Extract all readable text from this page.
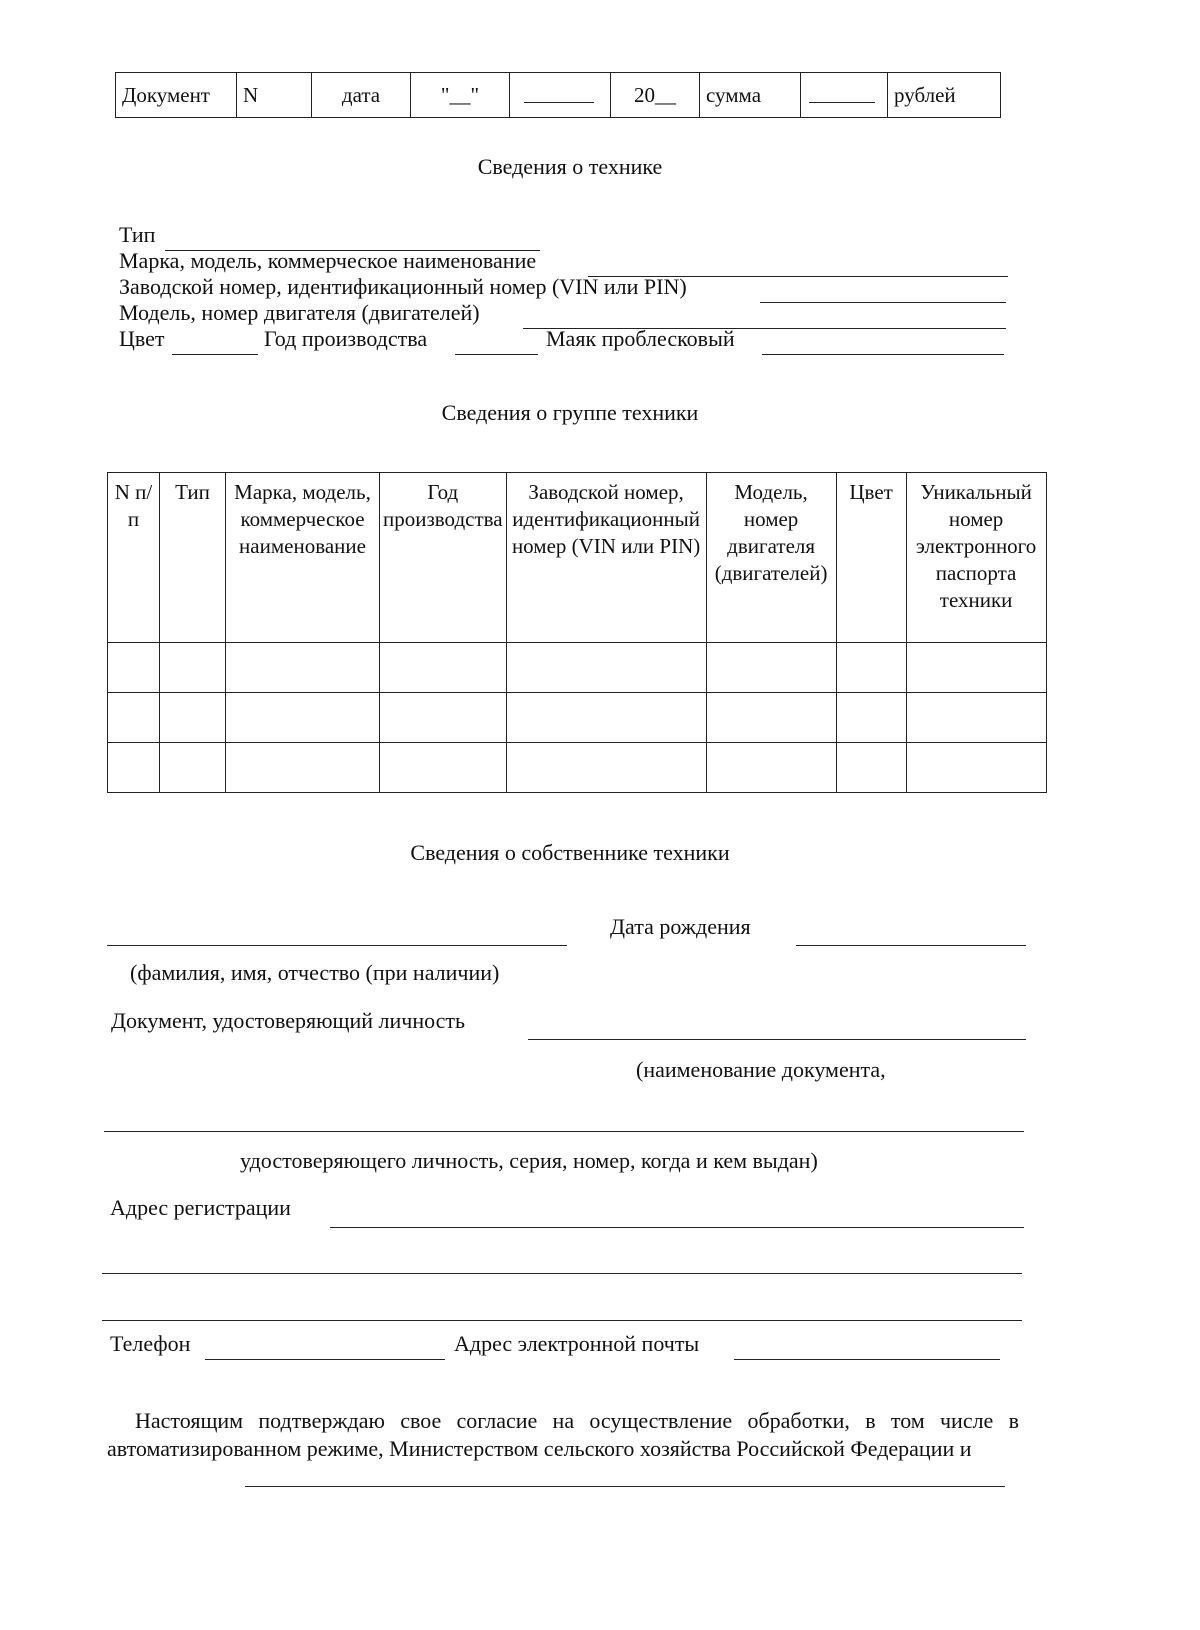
Документ	N	дата	"__"		20__	сумма		рублей
Сведения о технике
Тип
Марка, модель, коммерческое наименование
Заводской номер, идентификационный номер (VIN или PIN)
Модель, номер двигателя (двигателей)
Цвет	Год производства	Маяк проблесковый
Сведения о группе техники
N п/п	Тип	Марка, модель, коммерческое наименование	Год производства	Заводской номер, идентификационный номер (VIN или PIN)	Модель, номер двигателя (двигателей)	Цвет	Уникальный номер электронного паспорта техники

Сведения о собственнике техники
Дата рождения
(фамилия, имя, отчество (при наличии)
Документ, удостоверяющий личность
(наименование документа,
удостоверяющего личность, серия, номер, когда и кем выдан)
Адрес регистрации
Телефон	Адрес электронной почты
Настоящим подтверждаю свое согласие на осуществление обработки, в том числе в автоматизированном режиме, Министерством сельского хозяйства Российской Федерации и
